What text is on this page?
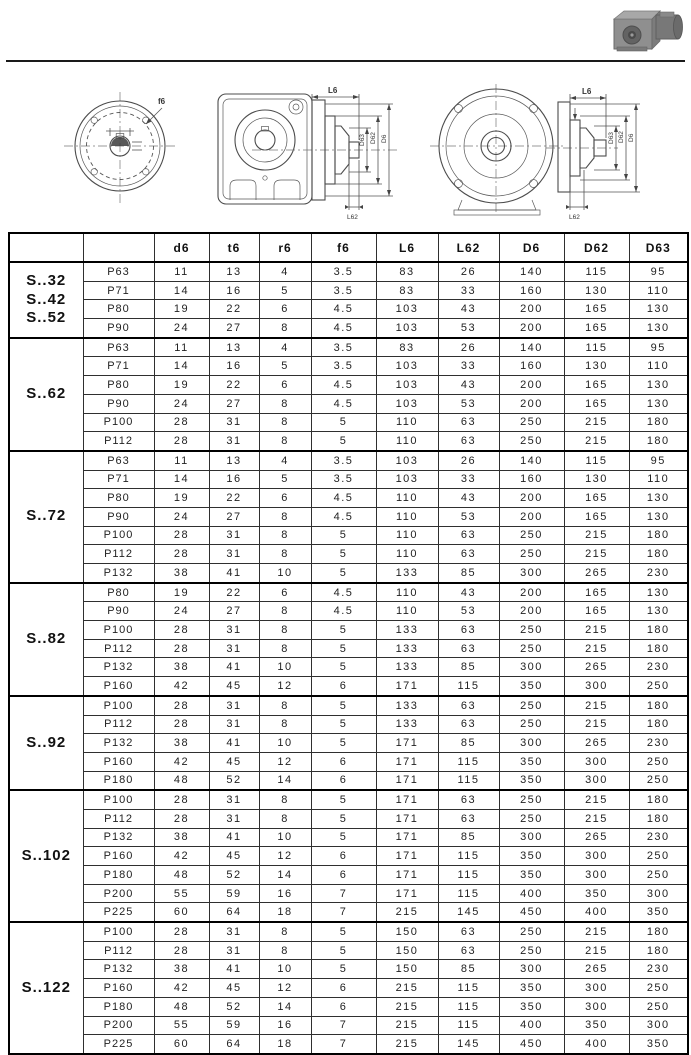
f6
L6
D63 D62 D6
L62
L6
D63 D62 D6
L62
		d6	t6	r6	f6	L6	L62	D6	D62	D63

S..32
S..42
S..52	P63	11	13	4	3.5	83	26	140	115	95
	P71	14	16	5	3.5	83	33	160	130	110
	P80	19	22	6	4.5	103	43	200	165	130
	P90	24	27	8	4.5	103	53	200	165	130

S..62	P63	11	13	4	3.5	83	26	140	115	95
	P71	14	16	5	3.5	103	33	160	130	110
	P80	19	22	6	4.5	103	43	200	165	130
	P90	24	27	8	4.5	103	53	200	165	130
	P100	28	31	8	5	110	63	250	215	180
	P112	28	31	8	5	110	63	250	215	180

S..72	P63	11	13	4	3.5	103	26	140	115	95
	P71	14	16	5	3.5	103	33	160	130	110
	P80	19	22	6	4.5	110	43	200	165	130
	P90	24	27	8	4.5	110	53	200	165	130
	P100	28	31	8	5	110	63	250	215	180
	P112	28	31	8	5	110	63	250	215	180
	P132	38	41	10	5	133	85	300	265	230

S..82	P80	19	22	6	4.5	110	43	200	165	130
	P90	24	27	8	4.5	110	53	200	165	130
	P100	28	31	8	5	133	63	250	215	180
	P112	28	31	8	5	133	63	250	215	180
	P132	38	41	10	5	133	85	300	265	230
	P160	42	45	12	6	171	115	350	300	250

S..92	P100	28	31	8	5	133	63	250	215	180
	P112	28	31	8	5	133	63	250	215	180
	P132	38	41	10	5	171	85	300	265	230
	P160	42	45	12	6	171	115	350	300	250
	P180	48	52	14	6	171	115	350	300	250

S..102	P100	28	31	8	5	171	63	250	215	180
	P112	28	31	8	5	171	63	250	215	180
	P132	38	41	10	5	171	85	300	265	230
	P160	42	45	12	6	171	115	350	300	250
	P180	48	52	14	6	171	115	350	300	250
	P200	55	59	16	7	171	115	400	350	300
	P225	60	64	18	7	215	145	450	400	350

S..122	P100	28	31	8	5	150	63	250	215	180
	P112	28	31	8	5	150	63	250	215	180
	P132	38	41	10	5	150	85	300	265	230
	P160	42	45	12	6	215	115	350	300	250
	P180	48	52	14	6	215	115	350	300	250
	P200	55	59	16	7	215	115	400	350	300
	P225	60	64	18	7	215	145	450	400	350
